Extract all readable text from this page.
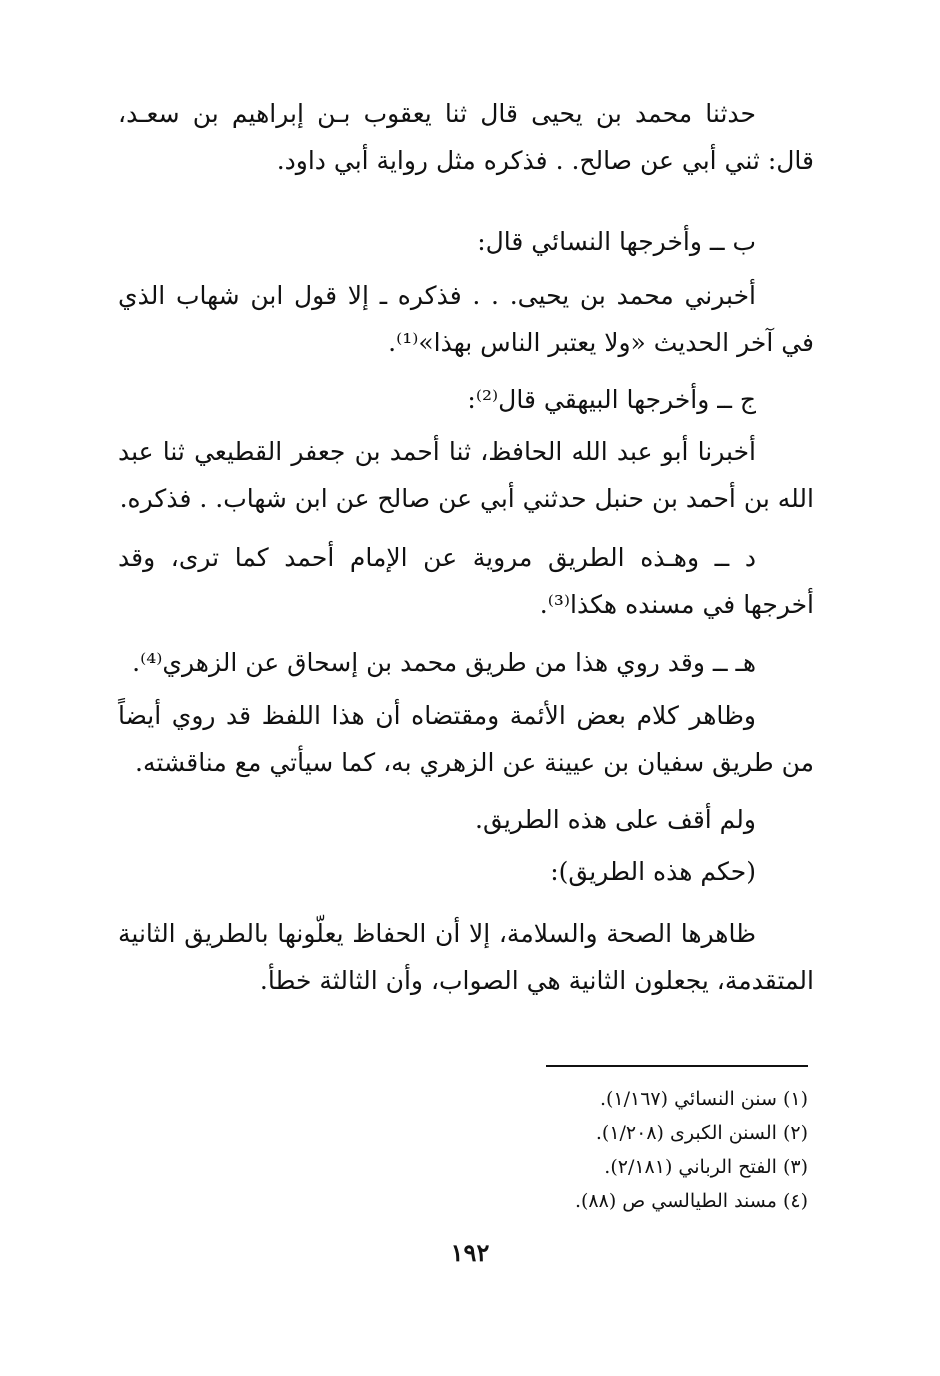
حدثنا محمد بن يحيى قال ثنا يعقوب بـن إبراهيم بن سعـد، قال: ثني أبي عن صالح. . فذكره مثل رواية أبي داود.

ب ــ وأخرجها النسائي قال:

أخبرني محمد بن يحيى. . . فذكره ـ إلا قول ابن شهاب الذي في آخر الحديث «ولا يعتبر الناس بهذا»⁽¹⁾.

ج ــ وأخرجها البيهقي قال⁽²⁾:

أخبرنا أبو عبد الله الحافظ، ثنا أحمد بن جعفر القطيعي ثنا عبد الله بن أحمد بن حنبل حدثني أبي عن صالح عن ابن شهاب. . فذكره.

د ــ وهـذه الطريق مروية عن الإمام أحمد كما ترى، وقد أخرجها في مسنده هكذا⁽³⁾.

هـ ــ وقد روي هذا من طريق محمد بن إسحاق عن الزهري⁽⁴⁾.

وظاهر كلام بعض الأئمة ومقتضاه أن هذا اللفظ قد روي أيضاً من طريق سفيان بن عيينة عن الزهري به، كما سيأتي مع مناقشته.

ولم أقف على هذه الطريق.

(حكم هذه الطريق):

ظاهرها الصحة والسلامة، إلا أن الحفاظ يعلّونها بالطريق الثانية المتقدمة، يجعلون الثانية هي الصواب، وأن الثالثة خطأ.

(١) سنن النسائي (١/١٦٧).
(٢) السنن الكبرى (١/٢٠٨).
(٣) الفتح الرباني (٢/١٨١).
(٤) مسند الطيالسي ص (٨٨).
١٩٢
